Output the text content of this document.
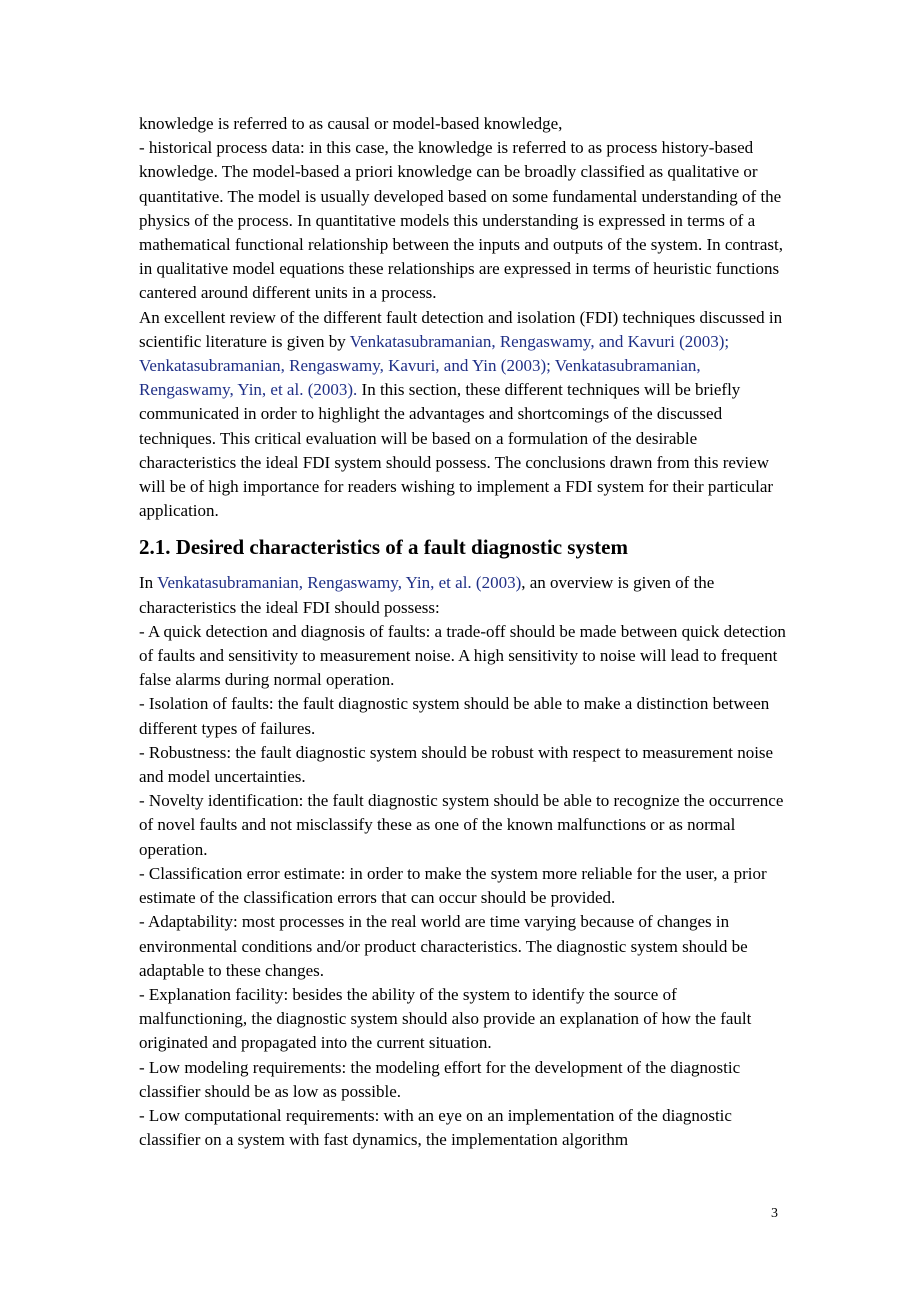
knowledge is referred to as causal or model-based knowledge,

- historical process data: in this case, the knowledge is referred to as process history-based knowledge. The model-based a priori knowledge can be broadly classified as qualitative or quantitative. The model is usually developed based on some fundamental understanding of the physics of the process. In quantitative models this understanding is expressed in terms of a mathematical functional relationship between the inputs and outputs of the system. In contrast, in qualitative model equations these relationships are expressed in terms of heuristic functions cantered around different units in a process.

An excellent review of the different fault detection and isolation (FDI) techniques discussed in scientific literature is given by Venkatasubramanian, Rengaswamy, and Kavuri (2003); Venkatasubramanian, Rengaswamy, Kavuri, and Yin (2003); Venkatasubramanian, Rengaswamy, Yin, et al. (2003). In this section, these different techniques will be briefly communicated in order to highlight the advantages and shortcomings of the discussed techniques. This critical evaluation will be based on a formulation of the desirable characteristics the ideal FDI system should possess. The conclusions drawn from this review will be of high importance for readers wishing to implement a FDI system for their particular application.

2.1. Desired characteristics of a fault diagnostic system

In Venkatasubramanian, Rengaswamy, Yin, et al. (2003), an overview is given of the characteristics the ideal FDI should possess:

- A quick detection and diagnosis of faults: a trade-off should be made between quick detection of faults and sensitivity to measurement noise. A high sensitivity to noise will lead to frequent false alarms during normal operation.

- Isolation of faults: the fault diagnostic system should be able to make a distinction between different types of failures.

- Robustness: the fault diagnostic system should be robust with respect to measurement noise and model uncertainties.

- Novelty identification: the fault diagnostic system should be able to recognize the occurrence of novel faults and not misclassify these as one of the known malfunctions or as normal operation.

- Classification error estimate: in order to make the system more reliable for the user, a prior estimate of the classification errors that can occur should be provided.

- Adaptability: most processes in the real world are time varying because of changes in environmental conditions and/or product characteristics. The diagnostic system should be adaptable to these changes.

- Explanation facility: besides the ability of the system to identify the source of malfunctioning, the diagnostic system should also provide an explanation of how the fault originated and propagated into the current situation.

- Low modeling requirements: the modeling effort for the development of the diagnostic classifier should be as low as possible.

- Low computational requirements: with an eye on an implementation of the diagnostic classifier on a system with fast dynamics, the implementation algorithm

3
